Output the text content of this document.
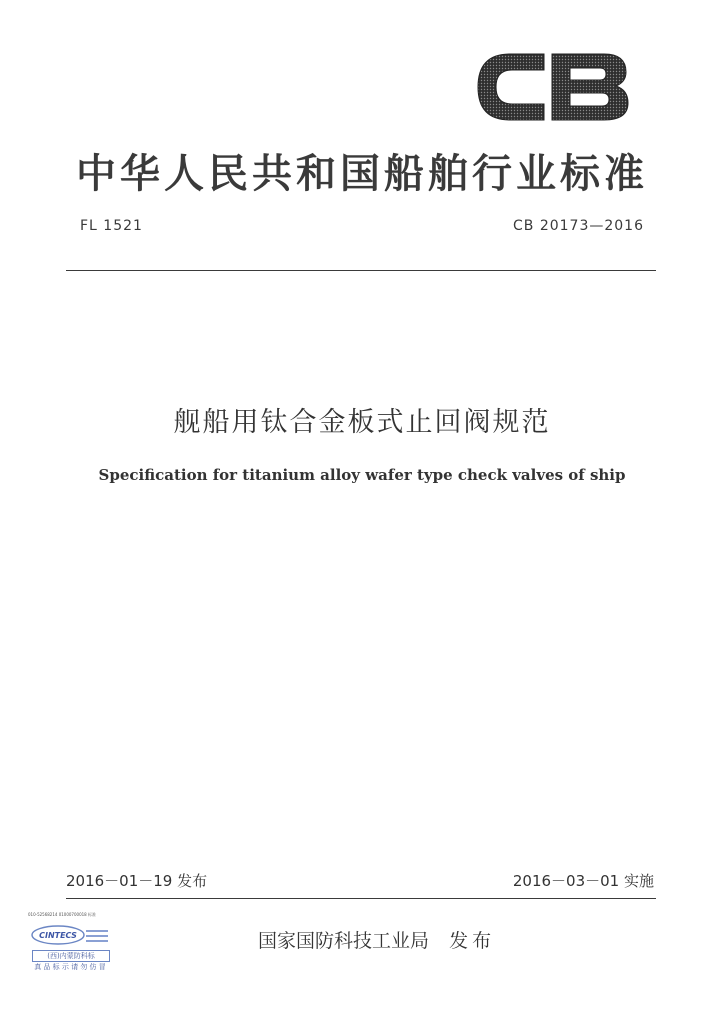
中华人民共和国船舶行业标准
FL 1521	CB 20173—2016
舰船用钛合金板式止回阀规范
Specification for titanium alloy wafer type check valves of ship
2016－01－19 发布	2016－03－01 实施
国家国防科技工业局 发布
010-52568214 01000700018 标准
CINTECS
(西)内蒙防科标
真 品 标 示 请 勿 仿 冒
